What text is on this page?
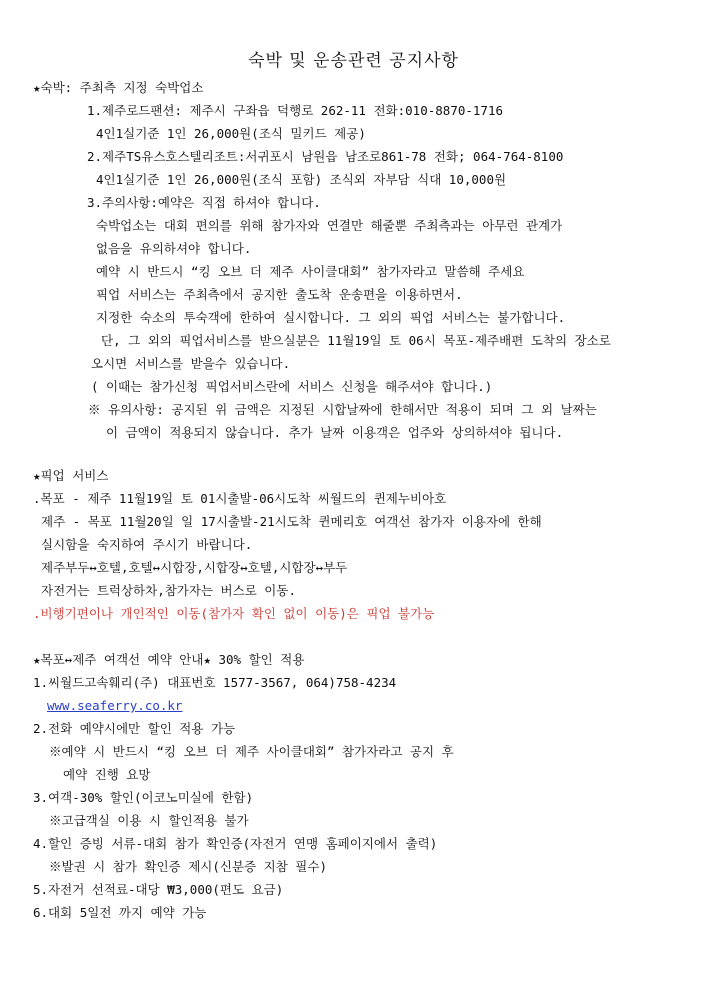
숙박 및 운송관련 공지사항
★숙박: 주최측 지정 숙박업소
1.제주로드팬션: 제주시 구좌읍 덕행로 262-11 전화:010-8870-1716
4인1실기준 1인 26,000원(조식 밀키드 제공)
2.제주TS유스호스텔리조트:서귀포시 남원읍 남조로861-78 전화; 064-764-8100
4인1실기준 1인 26,000원(조식 포함) 조식외 자부담 식대 10,000원
3.주의사항:예약은 직접 하셔야 합니다.
숙박업소는 대회 편의를 위해 참가자와 연결만 해줄뿐 주최측과는 아무런 관계가
없음을 유의하셔야 합니다.
예약 시 반드시 “킹 오브 더 제주 사이클대회” 참가자라고 말씀해 주세요
픽업 서비스는 주최측에서 공지한 출도착 운송편을 이용하면서.
지정한 숙소의 투숙객에 한하여 실시합니다. 그 외의 픽업 서비스는 불가합니다.
단, 그 외의 픽업서비스를 받으실분은 11월19일 토 06시 목포-제주배편 도착의 장소로
오시면 서비스를 받을수 있습니다.
( 이때는 참가신청 픽업서비스란에 서비스 신청을 해주셔야 합니다.)
※ 유의사항: 공지된 위 금액은 지정된 시합날짜에 한해서만 적용이 되며 그 외 날짜는
이 금액이 적용되지 않습니다. 추가 날짜 이용객은 업주와 상의하셔야 됩니다.
★픽업 서비스
.목포 - 제주 11월19일 토 01시출발-06시도착 씨월드의 퀸제누비아호
제주 - 목포 11월20일 일 17시출발-21시도착 퀸메리호 여객선 참가자 이용자에 한해
실시함을 숙지하여 주시기 바랍니다.
제주부두↔호텔,호텔↔시합장,시합장↔호텔,시합장↔부두
자전거는 트럭상하차,참가자는 버스로 이동.
.비행기편이나 개인적인 이동(참가자 확인 없이 이동)은 픽업 불가능
★목포↔제주 여객선 예약 안내★ 30% 할인 적용
1.씨월드고속훼리(주) 대표번호 1577-3567, 064)758-4234
www.seaferry.co.kr
2.전화 예약시에만 할인 적용 가능
※예약 시 반드시 “킹 오브 더 제주 사이클대회” 참가자라고 공지 후
예약 진행 요망
3.여객-30% 할인(이코노미실에 한함)
※고급객실 이용 시 할인적용 불가
4.할인 증빙 서류-대회 참가 확인증(자전거 연맹 홈페이지에서 출력)
※발권 시 참가 확인증 제시(신분증 지참 필수)
5.자전거 선적료-대당 ₩3,000(편도 요금)
6.대회 5일전 까지 예약 가능
